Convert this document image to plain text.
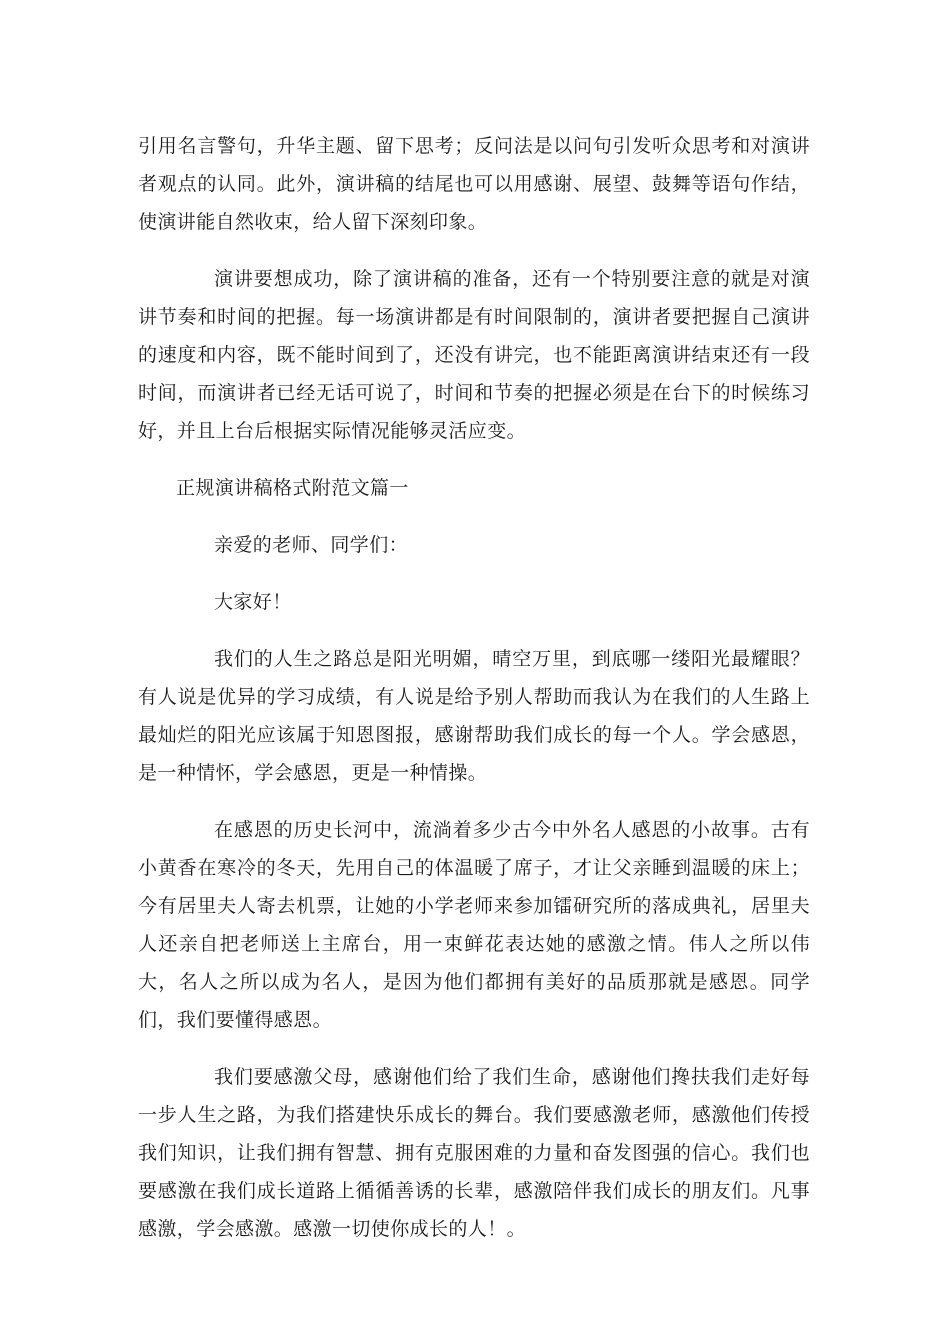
引用名言警句，升华主题、留下思考；反问法是以问句引发听众思考和对演讲者观点的认同。此外，演讲稿的结尾也可以用感谢、展望、鼓舞等语句作结，使演讲能自然收束，给人留下深刻印象。

演讲要想成功，除了演讲稿的准备，还有一个特别要注意的就是对演讲节奏和时间的把握。每一场演讲都是有时间限制的，演讲者要把握自己演讲的速度和内容，既不能时间到了，还没有讲完，也不能距离演讲结束还有一段时间，而演讲者已经无话可说了，时间和节奏的把握必须是在台下的时候练习好，并且上台后根据实际情况能够灵活应变。

正规演讲稿格式附范文篇一

亲爱的老师、同学们：

大家好！

我们的人生之路总是阳光明媚，晴空万里，到底哪一缕阳光最耀眼？有人说是优异的学习成绩，有人说是给予别人帮助而我认为在我们的人生路上最灿烂的阳光应该属于知恩图报，感谢帮助我们成长的每一个人。学会感恩，是一种情怀，学会感恩，更是一种情操。

在感恩的历史长河中，流淌着多少古今中外名人感恩的小故事。古有小黄香在寒冷的冬天，先用自己的体温暖了席子，才让父亲睡到温暖的床上；今有居里夫人寄去机票，让她的小学老师来参加镭研究所的落成典礼，居里夫人还亲自把老师送上主席台，用一束鲜花表达她的感激之情。伟人之所以伟大，名人之所以成为名人，是因为他们都拥有美好的品质那就是感恩。同学们，我们要懂得感恩。

我们要感激父母，感谢他们给了我们生命，感谢他们搀扶我们走好每一步人生之路，为我们搭建快乐成长的舞台。我们要感激老师，感激他们传授我们知识，让我们拥有智慧、拥有克服困难的力量和奋发图强的信心。我们也要感激在我们成长道路上循循善诱的长辈，感激陪伴我们成长的朋友们。凡事感激，学会感激。感激一切使你成长的人！。
